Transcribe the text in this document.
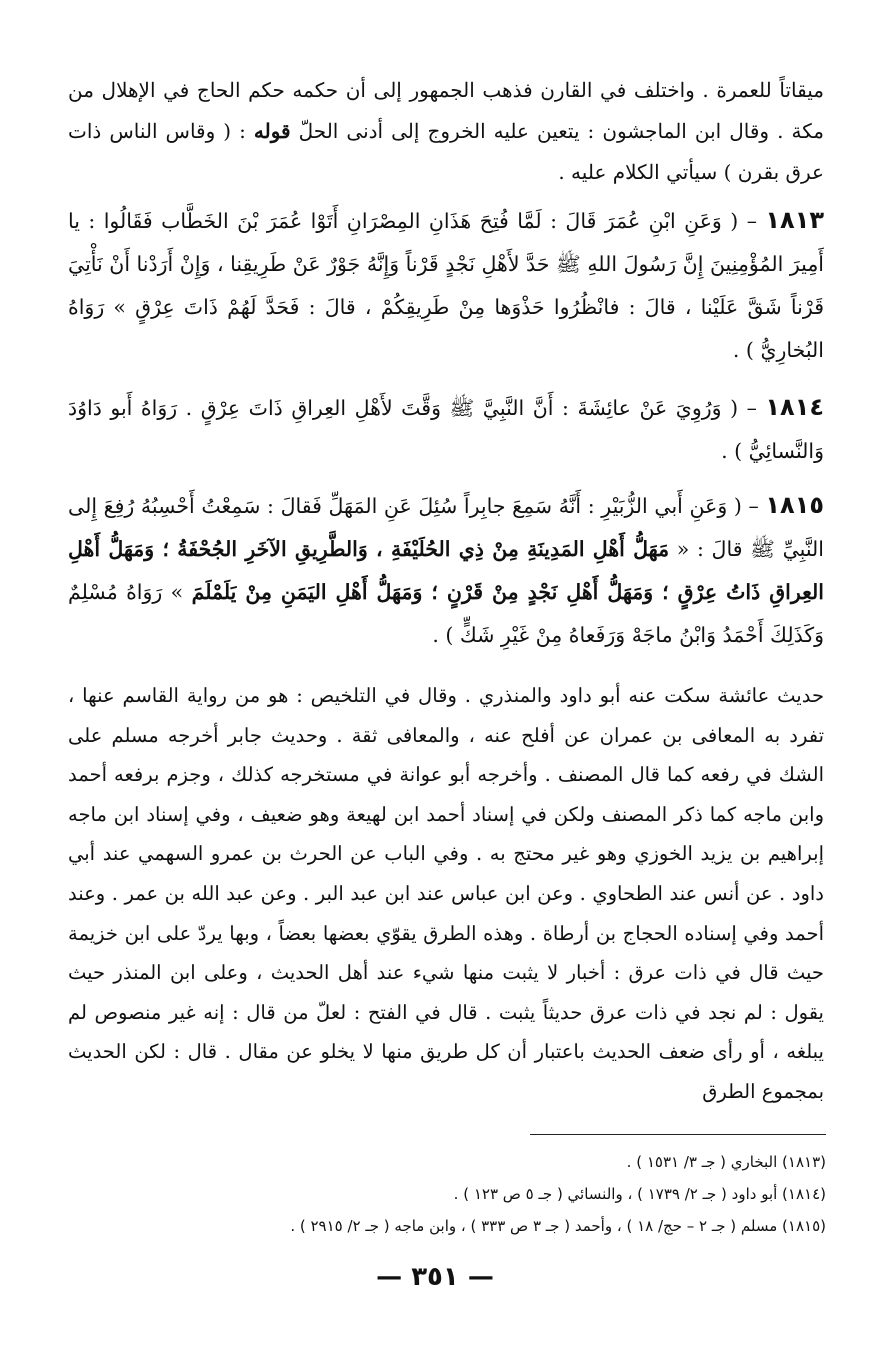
ميقاتاً للعمرة . واختلف في القارن فذهب الجمهور إلى أن حكمه حكم الحاج في الإهلال من مكة . وقال ابن الماجشون : يتعين عليه الخروج إلى أدنى الحلّ قوله : ( وقاس الناس ذات عرق بقرن ) سيأتي الكلام عليه .

١٨١٣ – ( وَعَنِ ابْنِ عُمَرَ قَالَ : لَمَّا فُتِحَ هَذَانِ المِصْرَانِ أَتَوْا عُمَرَ بْنَ الخَطَّاب فَقَالُوا : يا أَمِيرَ المُؤْمِنِينَ إِنَّ رَسُولَ اللهِ ﷺ حَدَّ لأَهْلِ نَجْدٍ قَرْناً وَإِنَّهُ جَوْرٌ عَنْ طَرِيقِنا ، وَإِنْ أَرَدْنا أَنْ نَأْتِيَ قَرْناً شَقَّ عَلَيْنا ، قالَ : فانْظُرُوا حَذْوَها مِنْ طَرِيقِكُمْ ، قالَ : فَحَدَّ لَهُمْ ذَاتَ عِرْقٍ » رَوَاهُ البُخارِيُّ ) .

١٨١٤ – ( وَرُوِيَ عَنْ عائِشَةَ : أَنَّ النَّبِيَّ ﷺ وَقَّتَ لأَهْلِ العِراقِ ذَاتَ عِرْقٍ . رَوَاهُ أَبو دَاوُدَ وَالنَّسائِيُّ ) .

١٨١٥ – ( وَعَنِ أَبي الزُّبَيْرِ : أَنَّهُ سَمِعَ جابِراً سُئِلَ عَنِ المَهَلِّ فَقالَ : سَمِعْتُ أَحْسِبُهُ رُفِعَ إِلى النَّبِيِّ ﷺ قالَ : « مَهَلُّ أَهْلِ المَدِينَةِ مِنْ ذِي الحُلَيْفَةِ ، وَالطَّرِيقِ الآخَرِ الجُحْفَةُ ؛ وَمَهَلُّ أَهْلِ العِراقِ ذَاتُ عِرْقٍ ؛ وَمَهَلُّ أَهْلِ نَجْدٍ مِنْ قَرْنٍ ؛ وَمَهَلُّ أَهْلِ اليَمَنِ مِنْ يَلَمْلَمَ » رَوَاهُ مُسْلِمٌ وَكَذَلِكَ أَحْمَدُ وَابْنُ ماجَهْ وَرَفَعاهُ مِنْ غَيْرِ شَكٍّ ) .

حديث عائشة سكت عنه أبو داود والمنذري . وقال في التلخيص : هو من رواية القاسم عنها ، تفرد به المعافى بن عمران عن أفلح عنه ، والمعافى ثقة . وحديث جابر أخرجه مسلم على الشك في رفعه كما قال المصنف . وأخرجه أبو عوانة في مستخرجه كذلك ، وجزم برفعه أحمد وابن ماجه كما ذكر المصنف ولكن في إسناد أحمد ابن لهيعة وهو ضعيف ، وفي إسناد ابن ماجه إبراهيم بن يزيد الخوزي وهو غير محتج به . وفي الباب عن الحرث بن عمرو السهمي عند أبي داود . عن أنس عند الطحاوي . وعن ابن عباس عند ابن عبد البر . وعن عبد الله بن عمر . وعند أحمد وفي إسناده الحجاج بن أرطاة . وهذه الطرق يقوّي بعضها بعضاً ، وبها يردّ على ابن خزيمة حيث قال في ذات عرق : أخبار لا يثبت منها شيء عند أهل الحديث ، وعلى ابن المنذر حيث يقول : لم نجد في ذات عرق حديثاً يثبت . قال في الفتح : لعلّ من قال : إنه غير منصوص لم يبلغه ، أو رأى ضعف الحديث باعتبار أن كل طريق منها لا يخلو عن مقال . قال : لكن الحديث بمجموع الطرق

(١٨١٣) البخاري ( جـ ٣/ ١٥٣١ ) .
(١٨١٤) أبو داود ( جـ ٢/ ١٧٣٩ ) ، والنسائي ( جـ ٥ ص ١٢٣ ) .
(١٨١٥) مسلم ( جـ ٢ – حج/ ١٨ ) ، وأحمد ( جـ ٣ ص ٣٣٣ ) ، وابن ماجه ( جـ ٢/ ٢٩١٥ ) .
— ٣٥١ —
